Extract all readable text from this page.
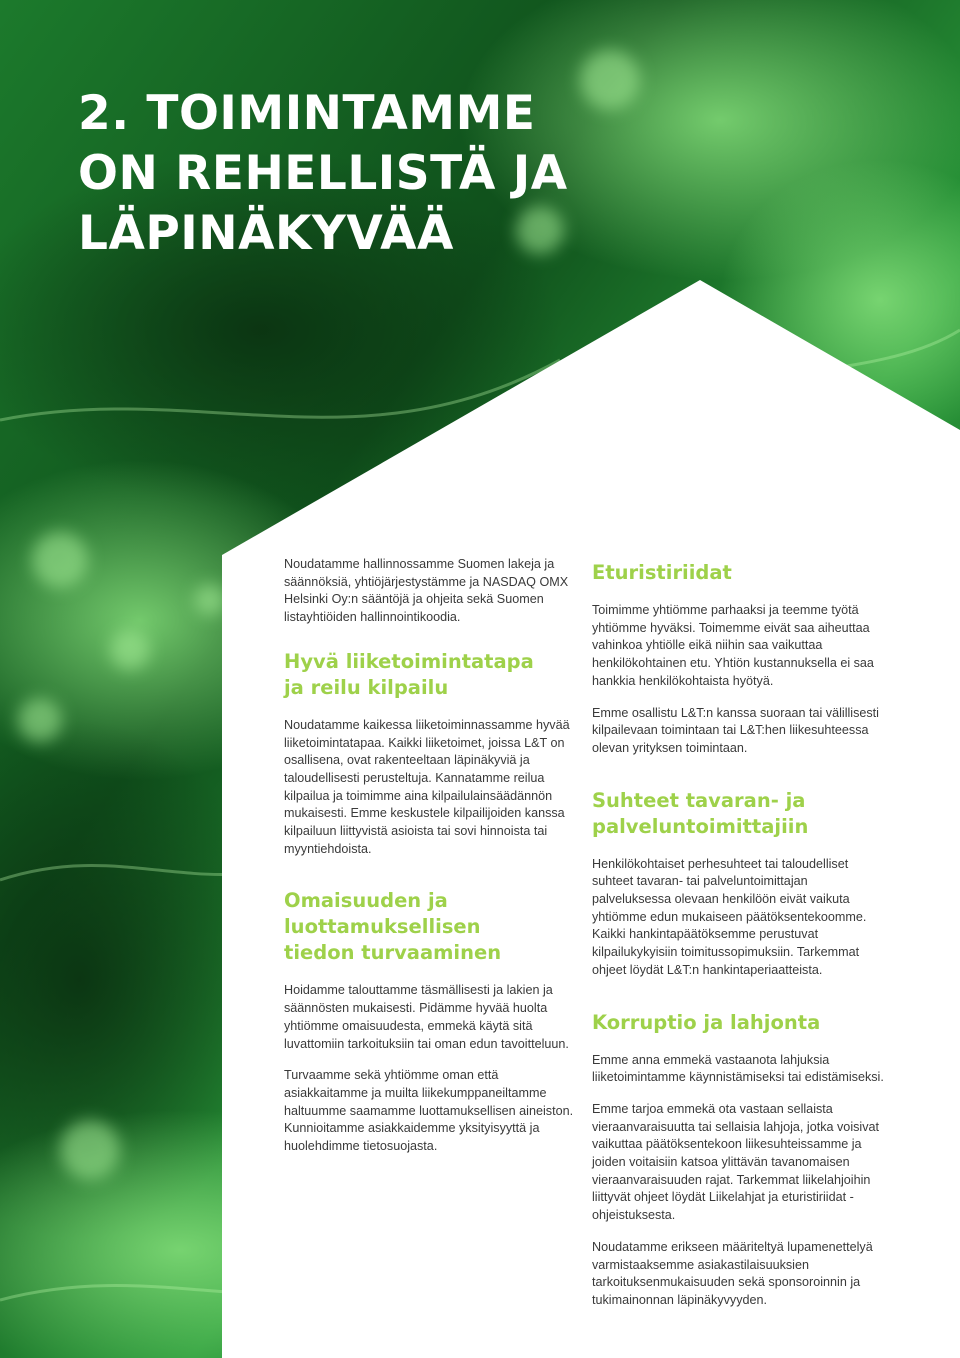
2. TOIMINTAMME
ON REHELLISTÄ JA
LÄPINÄKYVÄÄ

Noudatamme hallinnossamme Suomen lakeja ja säännöksiä, yhtiöjärjestystämme ja NASDAQ OMX Helsinki Oy:n sääntöjä ja ohjeita sekä Suomen listayhtiöiden hallinnointikoodia.

Hyvä liiketoimintatapa
ja reilu kilpailu

Noudatamme kaikessa liiketoiminnassamme hyvää liiketoimintatapaa. Kaikki liiketoimet, joissa L&T on osallisena, ovat rakenteeltaan läpinäkyviä ja taloudellisesti perusteltuja. Kannatamme reilua kilpailua ja toimimme aina kilpailulainsäädännön mukaisesti. Emme keskustele kilpailijoiden kanssa kilpailuun liittyvistä asioista tai sovi hinnoista tai myyntiehdoista.

Omaisuuden ja
luottamuksellisen
tiedon turvaaminen

Hoidamme talouttamme täsmällisesti ja lakien ja säännösten mukaisesti. Pidämme hyvää huolta yhtiömme omaisuudesta, emmekä käytä sitä luvattomiin tarkoituksiin tai oman edun tavoitteluun.

Turvaamme sekä yhtiömme oman että asiakkaitamme ja muilta liikekumppaneiltamme haltuumme saamamme luottamuksellisen aineiston. Kunnioitamme asiakkaidemme yksityisyyttä ja huolehdimme tietosuojasta.

Eturistiriidat

Toimimme yhtiömme parhaaksi ja teemme työtä yhtiömme hyväksi. Toimemme eivät saa aiheuttaa vahinkoa yhtiölle eikä niihin saa vaikuttaa henkilökohtainen etu. Yhtiön kustannuksella ei saa hankkia henkilökohtaista hyötyä.

Emme osallistu L&T:n kanssa suoraan tai välillisesti kilpailevaan toimintaan tai L&T:hen liikesuhteessa olevan yrityksen toimintaan.

Suhteet tavaran- ja
palveluntoimittajiin

Henkilökohtaiset perhesuhteet tai taloudelliset suhteet tavaran- tai palveluntoimittajan palveluksessa olevaan henkilöön eivät vaikuta yhtiömme edun mukaiseen päätöksentekoomme. Kaikki hankintapäätöksemme perustuvat kilpailukykyisiin toimitussopimuksiin. Tarkemmat ohjeet löydät L&T:n hankintaperiaatteista.

Korruptio ja lahjonta

Emme anna emmekä vastaanota lahjuksia liiketoimintamme käynnistämiseksi tai edistämiseksi.

Emme tarjoa emmekä ota vastaan sellaista vieraanvaraisuutta tai sellaisia lahjoja, jotka voisivat vaikuttaa päätöksentekoon liikesuhteissamme ja joiden voitaisiin katsoa ylittävän tavanomaisen vieraanvaraisuuden rajat. Tarkemmat liikelahjoihin liittyvät ohjeet löydät Liikelahjat ja eturistiriidat -ohjeistuksesta.

Noudatamme erikseen määriteltyä lupamenettelyä varmistaaksemme asiakastilaisuuksien tarkoituksenmukaisuuden sekä sponsoroinnin ja tukimainonnan läpinäkyvyyden.
